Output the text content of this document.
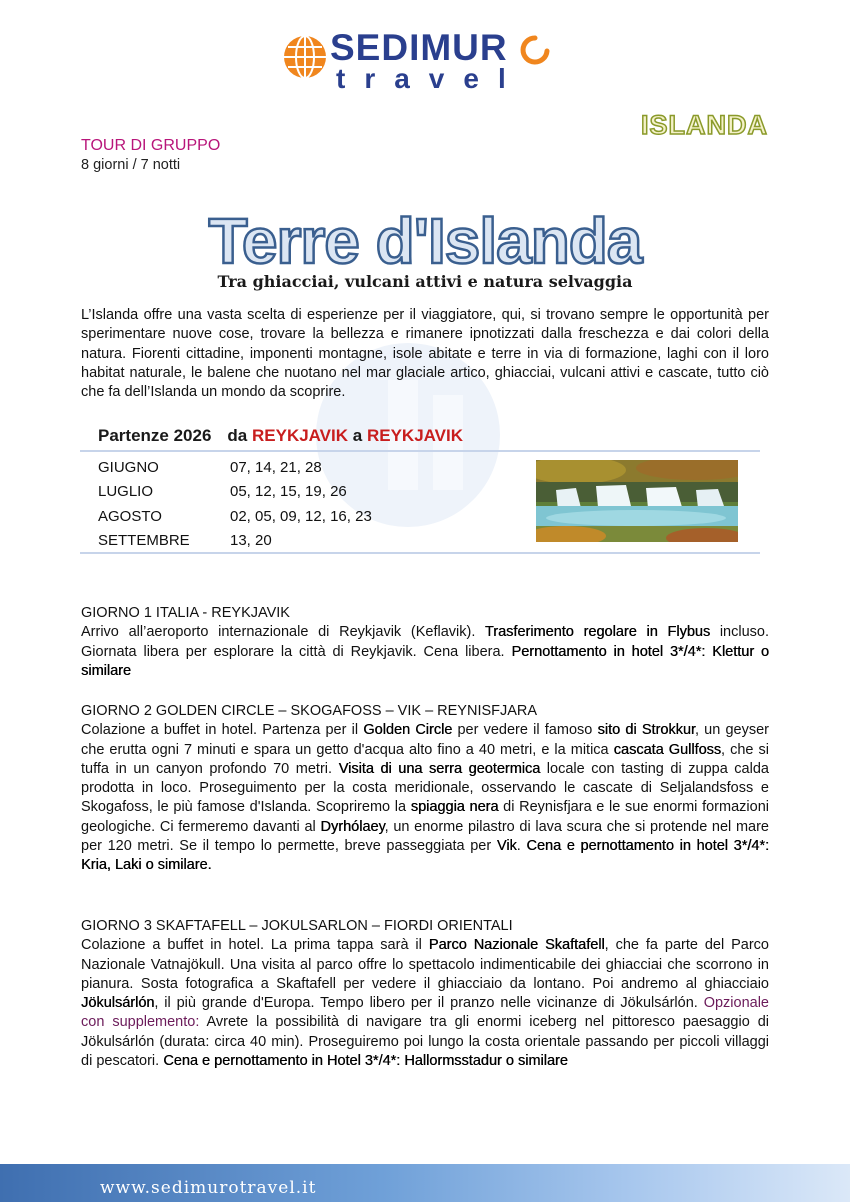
SEDIMUR
travel
ISLANDA
TOUR DI GRUPPO
8 giorni / 7 notti
Terre d'Islanda
Tra ghiacciai, vulcani attivi e natura selvaggia
L’Islanda offre una vasta scelta di esperienze per il viaggiatore, qui, si trovano sempre le opportunità per sperimentare nuove cose, trovare la bellezza e rimanere ipnotizzati dalla freschezza e dai colori della natura. Fiorenti cittadine, imponenti montagne, isole abitate e terre in via di formazione, laghi con il loro habitat naturale, le balene che nuotano nel mar glaciale artico, ghiacciai, vulcani attivi e cascate, tutto ciò che fa dell’Islanda un mondo da scoprire.
Partenze 2026 da REYKJAVIK a REYKJAVIK
GIUGNO	07, 14, 21, 28
LUGLIO	05, 12, 15, 19, 26
AGOSTO	02, 05, 09, 12, 16, 23
SETTEMBRE	13, 20
GIORNO 1 ITALIA - REYKJAVIK
Arrivo all’aeroporto internazionale di Reykjavik (Keflavik). Trasferimento regolare in Flybus incluso. Giornata libera per esplorare la città di Reykjavik. Cena libera. Pernottamento in hotel 3*/4*: Klettur o similare
GIORNO 2 GOLDEN CIRCLE – SKOGAFOSS – VIK – REYNISFJARA
Colazione a buffet in hotel. Partenza per il Golden Circle per vedere il famoso sito di Strokkur, un geyser che erutta ogni 7 minuti e spara un getto d'acqua alto fino a 40 metri, e la mitica cascata Gullfoss, che si tuffa in un canyon profondo 70 metri. Visita di una serra geotermica locale con tasting di zuppa calda prodotta in loco. Proseguimento per la costa meridionale, osservando le cascate di Seljalandsfoss e Skogafoss, le più famose d'Islanda. Scopriremo la spiaggia nera di Reynisfjara e le sue enormi formazioni geologiche. Ci fermeremo davanti al Dyrhólaey, un enorme pilastro di lava scura che si protende nel mare per 120 metri. Se il tempo lo permette, breve passeggiata per Vik. Cena e pernottamento in hotel 3*/4*: Kria, Laki o similare.
GIORNO 3 SKAFTAFELL – JOKULSARLON – FIORDI ORIENTALI
Colazione a buffet in hotel. La prima tappa sarà il Parco Nazionale Skaftafell, che fa parte del Parco Nazionale Vatnajökull. Una visita al parco offre lo spettacolo indimenticabile dei ghiacciai che scorrono in pianura. Sosta fotografica a Skaftafell per vedere il ghiacciaio da lontano. Poi andremo al ghiacciaio Jökulsárlón, il più grande d'Europa. Tempo libero per il pranzo nelle vicinanze di Jökulsárlón. Opzionale con supplemento: Avrete la possibilità di navigare tra gli enormi iceberg nel pittoresco paesaggio di Jökulsárlón (durata: circa 40 min). Proseguiremo poi lungo la costa orientale passando per piccoli villaggi di pescatori. Cena e pernottamento in Hotel 3*/4*: Hallormsstadur o similare
www.sedimurotravel.it
